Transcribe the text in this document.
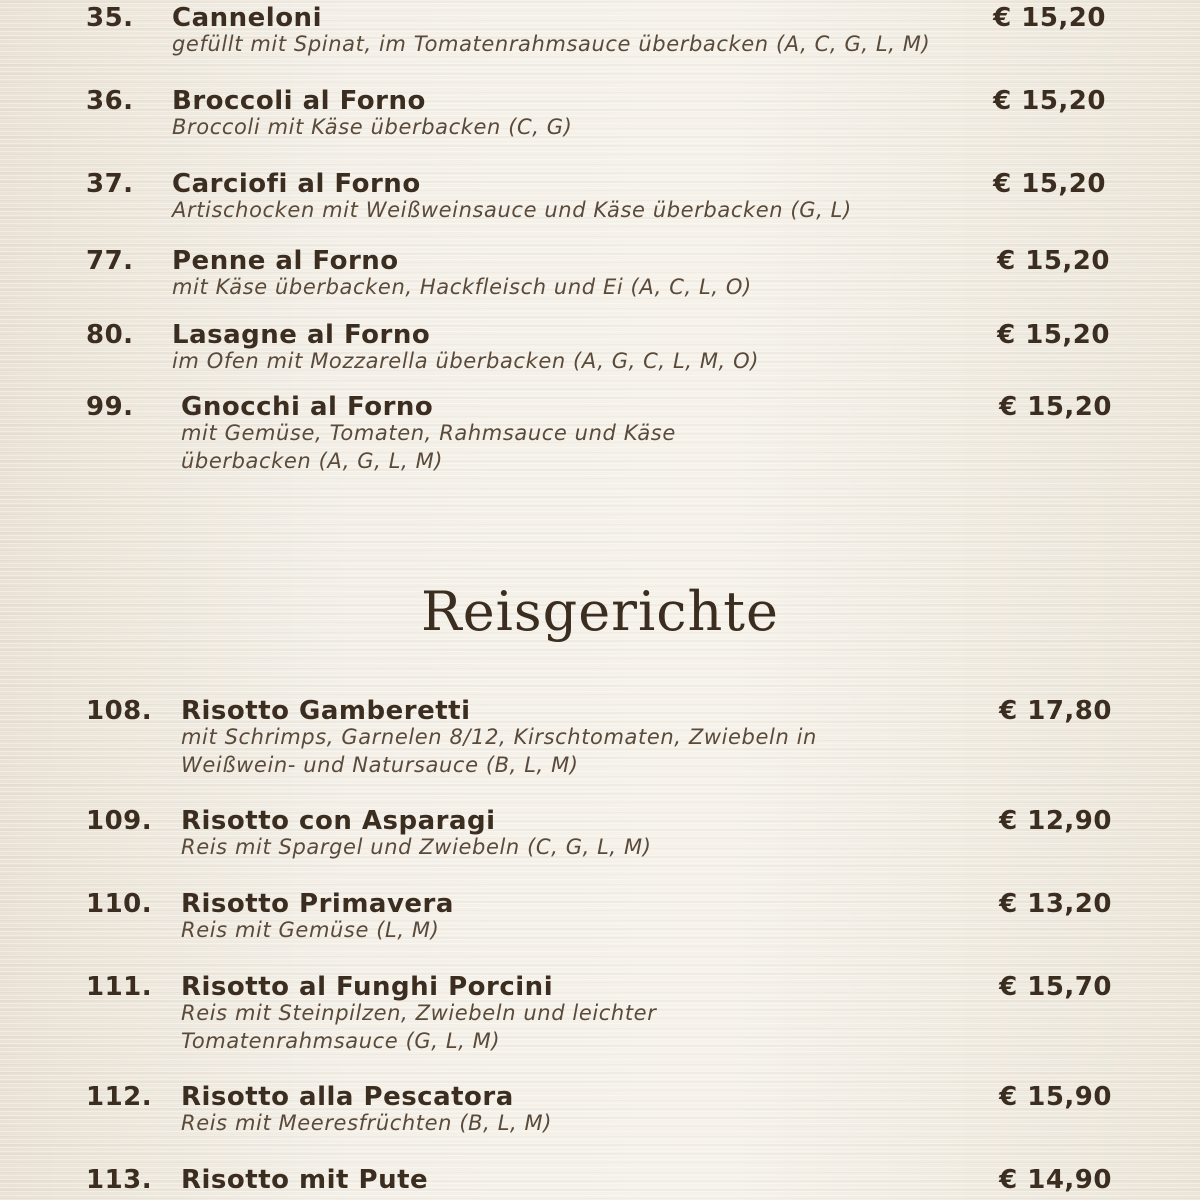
35. Canneloni	€ 15,20
gefüllt mit Spinat, im Tomatenrahmsauce überbacken (A, C, G, L, M)
36. Broccoli al Forno	€ 15,20
Broccoli mit Käse überbacken (C, G)
37. Carciofi al Forno	€ 15,20
Artischocken mit Weißweinsauce und Käse überbacken (G, L)
77. Penne al Forno	€ 15,20
mit Käse überbacken, Hackfleisch und Ei (A, C, L, O)
80. Lasagne al Forno	€ 15,20
im Ofen mit Mozzarella überbacken (A, G, C, L, M, O)
99. Gnocchi al Forno	€ 15,20
mit Gemüse, Tomaten, Rahmsauce und Käse
überbacken (A, G, L, M)
Reisgerichte
108. Risotto Gamberetti	€ 17,80
mit Schrimps, Garnelen 8/12, Kirschtomaten, Zwiebeln in
Weißwein- und Natursauce (B, L, M)
109. Risotto con Asparagi	€ 12,90
Reis mit Spargel und Zwiebeln (C, G, L, M)
110. Risotto Primavera	€ 13,20
Reis mit Gemüse (L, M)
111. Risotto al Funghi Porcini	€ 15,70
Reis mit Steinpilzen, Zwiebeln und leichter
Tomatenrahmsauce (G, L, M)
112. Risotto alla Pescatora	€ 15,90
Reis mit Meeresfrüchten (B, L, M)
113. Risotto mit Pute	€ 14,90
